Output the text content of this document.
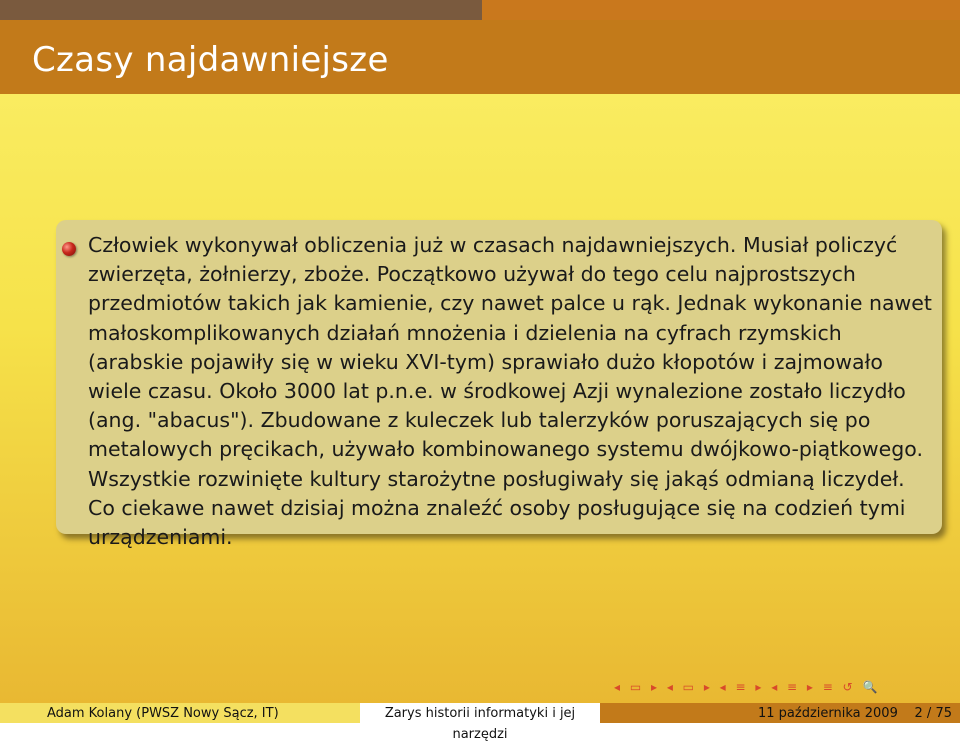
Czasy najdawniejsze

Człowiek wykonywał obliczenia już w czasach najdawniejszych. Musiał policzyć zwierzęta, żołnierzy, zboże. Początkowo używał do tego celu najprostszych przedmiotów takich jak kamienie, czy nawet palce u rąk. Jednak wykonanie nawet małoskomplikowanych działań mnożenia i dzielenia na cyfrach rzymskich (arabskie pojawiły się w wieku XVI-tym) sprawiało dużo kłopotów i zajmowało wiele czasu. Około 3000 lat p.n.e. w środkowej Azji wynalezione zostało liczydło (ang. "abacus"). Zbudowane z kuleczek lub talerzyków poruszających się po metalowych pręcikach, używało kombinowanego systemu dwójkowo-piątkowego. Wszystkie rozwinięte kultury starożytne posługiwały się jakąś odmianą liczydeł. Co ciekawe nawet dzisiaj można znaleźć osoby posługujące się na codzień tymi urządzeniami.

◂ ▭ ▸ ◂ ▭ ▸ ◂ ≡ ▸ ◂ ≡ ▸ ≡ ↺ 🔍
Adam Kolany (PWSZ Nowy Sącz, IT)	Zarys historii informatyki i jej narzędzi
11 października 2009 2 / 75
